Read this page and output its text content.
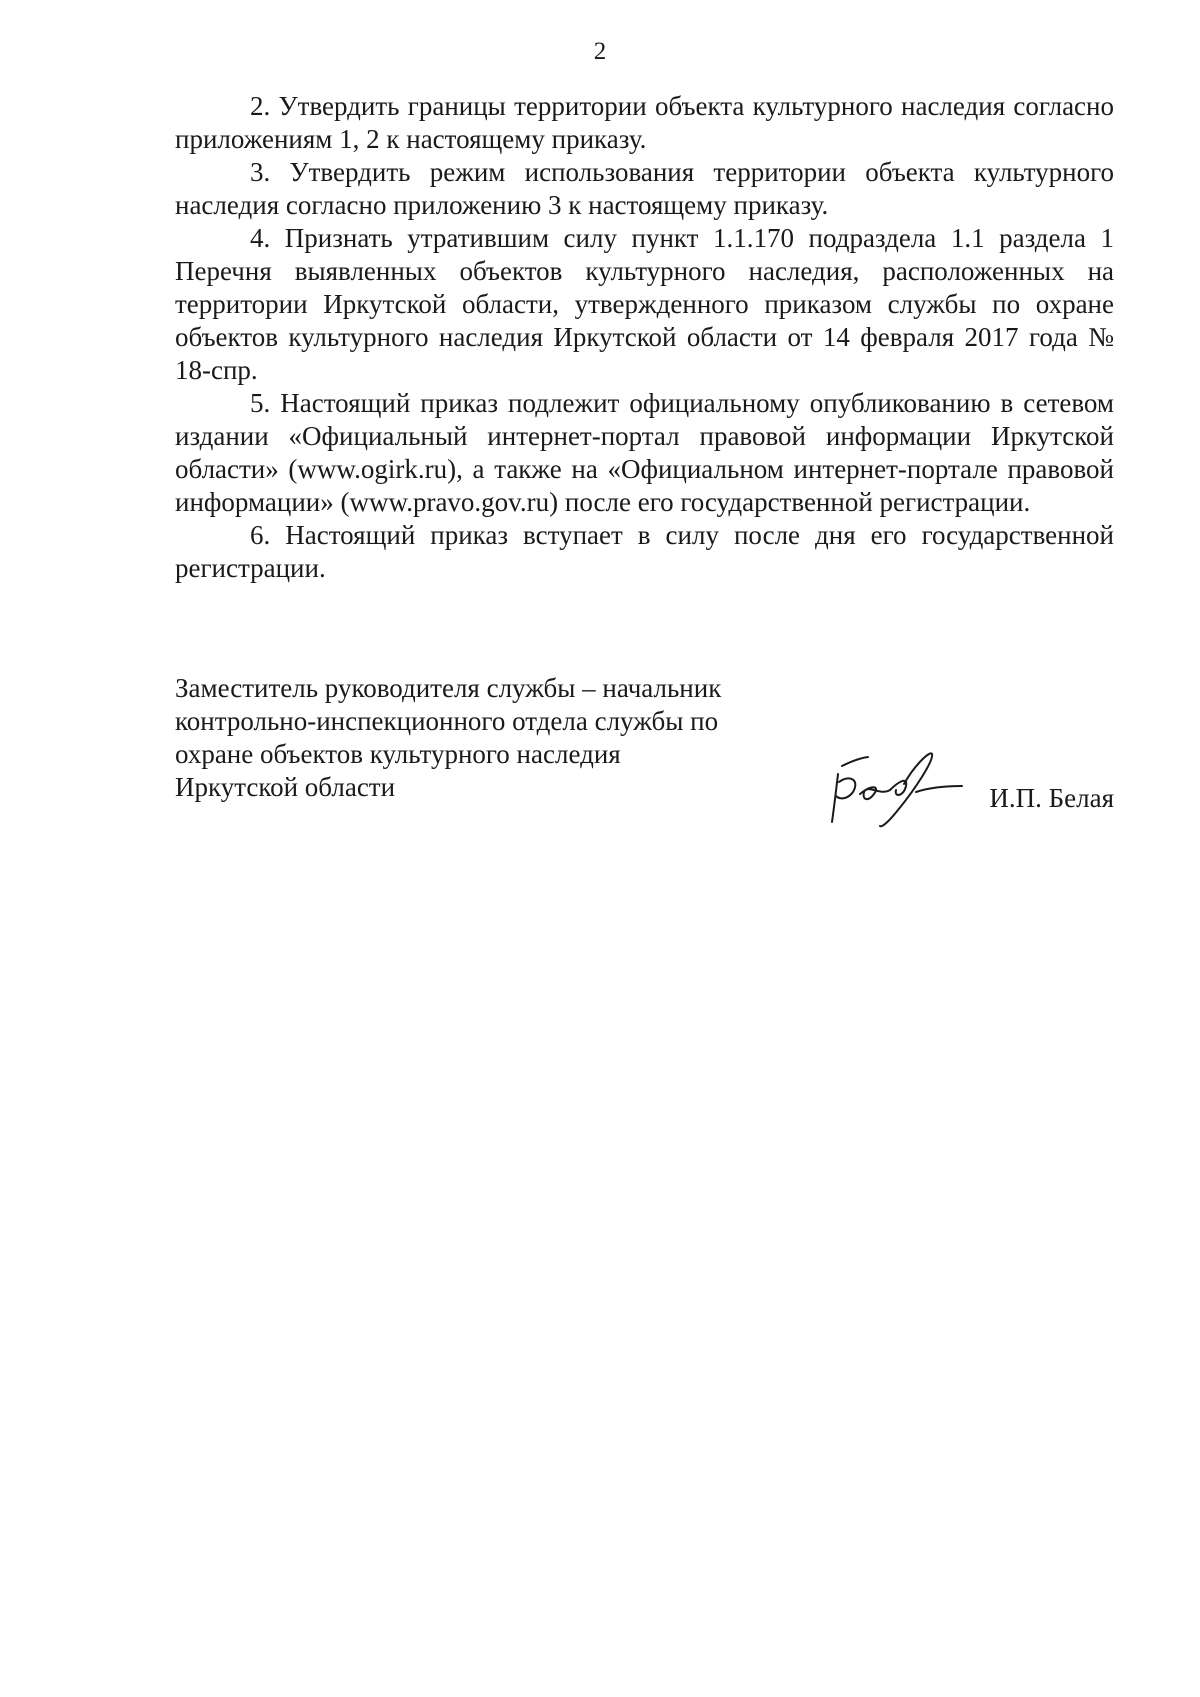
2

2. Утвердить границы территории объекта культурного наследия согласно приложениям 1, 2 к настоящему приказу.

3. Утвердить режим использования территории объекта культурного наследия согласно приложению 3 к настоящему приказу.

4. Признать утратившим силу пункт 1.1.170 подраздела 1.1 раздела 1 Перечня выявленных объектов культурного наследия, расположенных на территории Иркутской области, утвержденного приказом службы по охране объектов культурного наследия Иркутской области от 14 февраля 2017 года № 18-спр.

5. Настоящий приказ подлежит официальному опубликованию в сетевом издании «Официальный интернет-портал правовой информации Иркутской области» (www.ogirk.ru), а также на «Официальном интернет-портале правовой информации» (www.pravo.gov.ru) после его государственной регистрации.

6. Настоящий приказ вступает в силу после дня его государственной регистрации.

Заместитель руководителя службы – начальник
контрольно-инспекционного отдела службы по
охране объектов культурного наследия
Иркутской области	И.П. Белая
